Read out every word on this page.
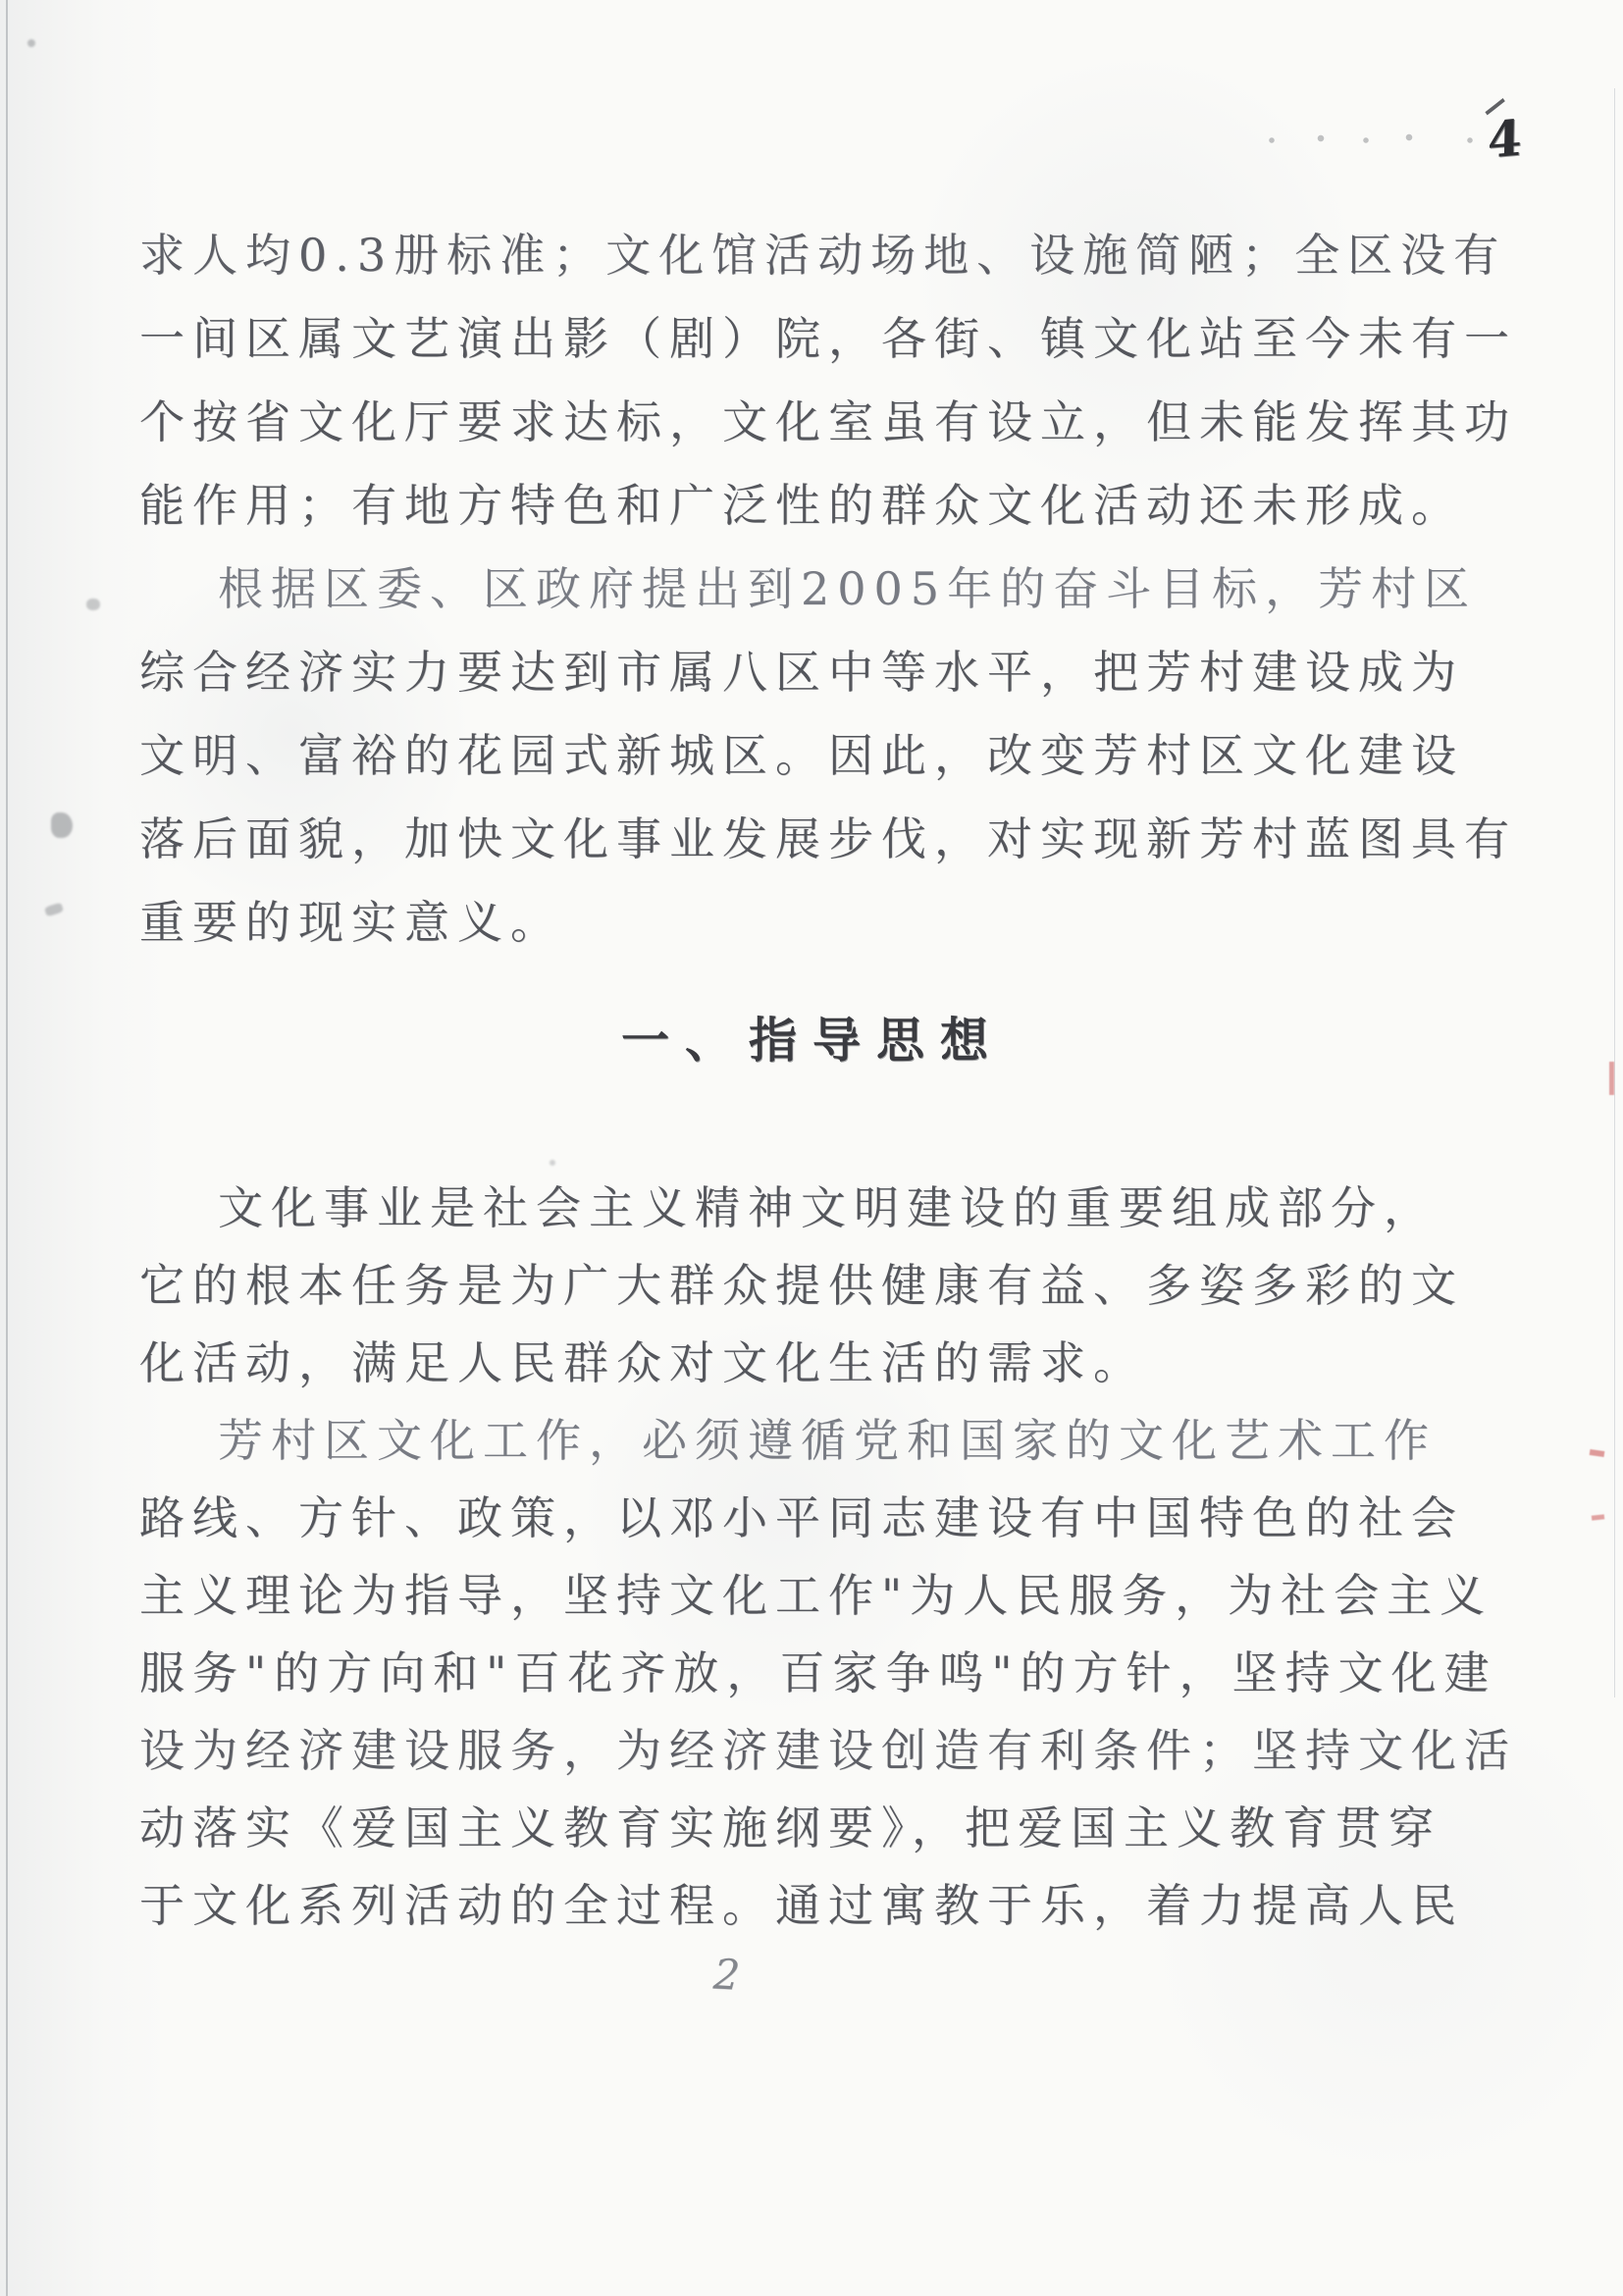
4
求人均0.3册标准；文化馆活动场地、设施简陋；全区没有
一间区属文艺演出影（剧）院，各街、镇文化站至今未有一
个按省文化厅要求达标，文化室虽有设立，但未能发挥其功
能作用；有地方特色和广泛性的群众文化活动还未形成。
根据区委、区政府提出到2005年的奋斗目标，芳村区
综合经济实力要达到市属八区中等水平，把芳村建设成为
文明、富裕的花园式新城区。因此，改变芳村区文化建设
落后面貌，加快文化事业发展步伐，对实现新芳村蓝图具有
重要的现实意义。
一、指导思想
文化事业是社会主义精神文明建设的重要组成部分，
它的根本任务是为广大群众提供健康有益、多姿多彩的文
化活动，满足人民群众对文化生活的需求。
芳村区文化工作，必须遵循党和国家的文化艺术工作
路线、方针、政策，以邓小平同志建设有中国特色的社会
主义理论为指导，坚持文化工作"为人民服务，为社会主义
服务"的方向和"百花齐放，百家争鸣"的方针，坚持文化建
设为经济建设服务，为经济建设创造有利条件；坚持文化活
动落实《爱国主义教育实施纲要》，把爱国主义教育贯穿
于文化系列活动的全过程。通过寓教于乐，着力提高人民
2
